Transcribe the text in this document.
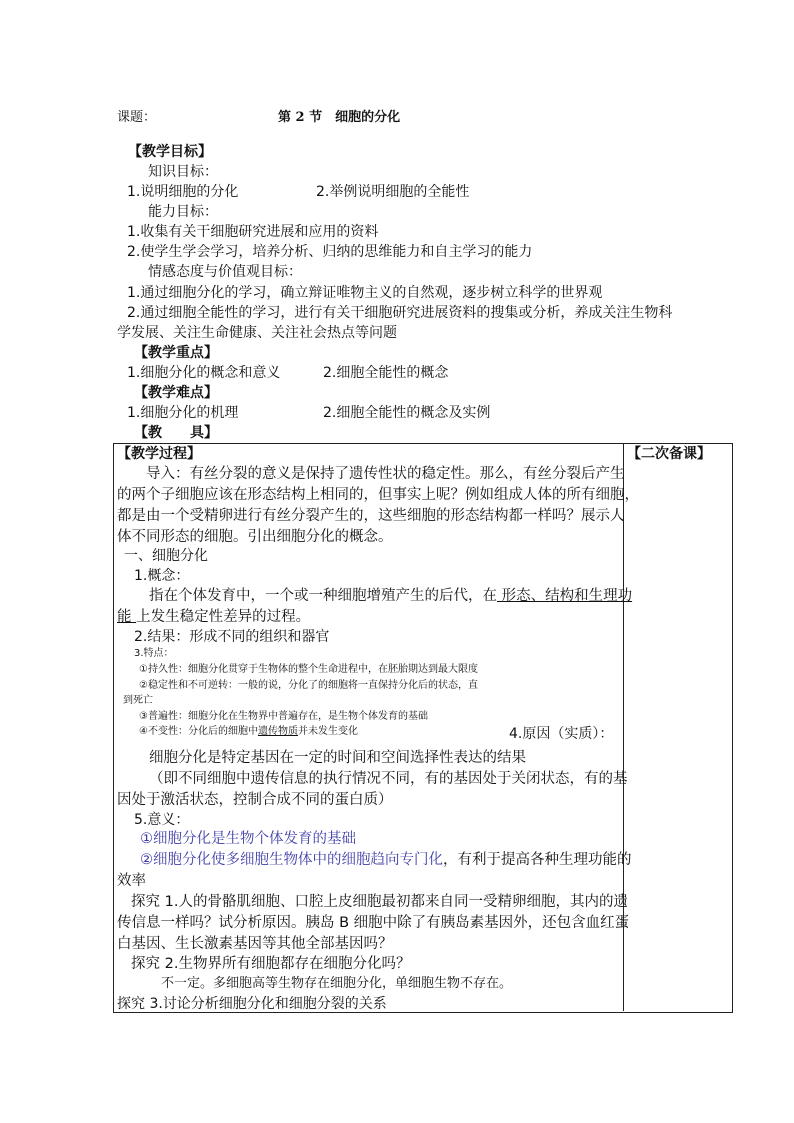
课题：	第 2 节　细胞的分化
【教学目标】
知识目标：
1.说明细胞的分化	2.举例说明细胞的全能性
能力目标：
1.收集有关干细胞研究进展和应用的资料
2.使学生学会学习，培养分析、归纳的思维能力和自主学习的能力
情感态度与价值观目标：
1.通过细胞分化的学习，确立辩证唯物主义的自然观，逐步树立科学的世界观
2.通过细胞全能性的学习，进行有关干细胞研究进展资料的搜集或分析，养成关注生物科
学发展、关注生命健康、关注社会热点等问题
【教学重点】
1.细胞分化的概念和意义	2.细胞全能性的概念
【教学难点】
1.细胞分化的机理	2.细胞全能性的概念及实例
【教　　具】
【二次备课】
【教学过程】
　　导入：有丝分裂的意义是保持了遗传性状的稳定性。那么，有丝分裂后产生
的两个子细胞应该在形态结构上相同的，但事实上呢？例如组成人体的所有细胞，
都是由一个受精卵进行有丝分裂产生的，这些细胞的形态结构都一样吗？展示人
体不同形态的细胞。引出细胞分化的概念。
一、细胞分化
1.概念：
指在个体发育中，一个或一种细胞增殖产生的后代，在 形态、结构和生理功
能 上发生稳定性差异的过程。
2.结果：形成不同的组织和器官
3.特点：
①持久性：细胞分化贯穿于生物体的整个生命进程中，在胚胎期达到最大限度
②稳定性和不可逆转：一般的说，分化了的细胞将一直保持分化后的状态，直
到死亡
③普遍性：细胞分化在生物界中普遍存在，是生物个体发育的基础
④不变性：分化后的细胞中遗传物质并未发生变化	4.原因（实质）：
细胞分化是特定基因在一定的时间和空间选择性表达的结果
（即不同细胞中遗传信息的执行情况不同，有的基因处于关闭状态，有的基
因处于激活状态，控制合成不同的蛋白质）
5.意义：
①细胞分化是生物个体发育的基础
②细胞分化使多细胞生物体中的细胞趋向专门化，有利于提高各种生理功能的
效率
探究 1.人的骨骼肌细胞、口腔上皮细胞最初都来自同一受精卵细胞，其内的遗
传信息一样吗？试分析原因。胰岛 B 细胞中除了有胰岛素基因外，还包含血红蛋
白基因、生长激素基因等其他全部基因吗？
探究 2.生物界所有细胞都存在细胞分化吗？
不一定。多细胞高等生物存在细胞分化，单细胞生物不存在。
探究 3.讨论分析细胞分化和细胞分裂的关系
